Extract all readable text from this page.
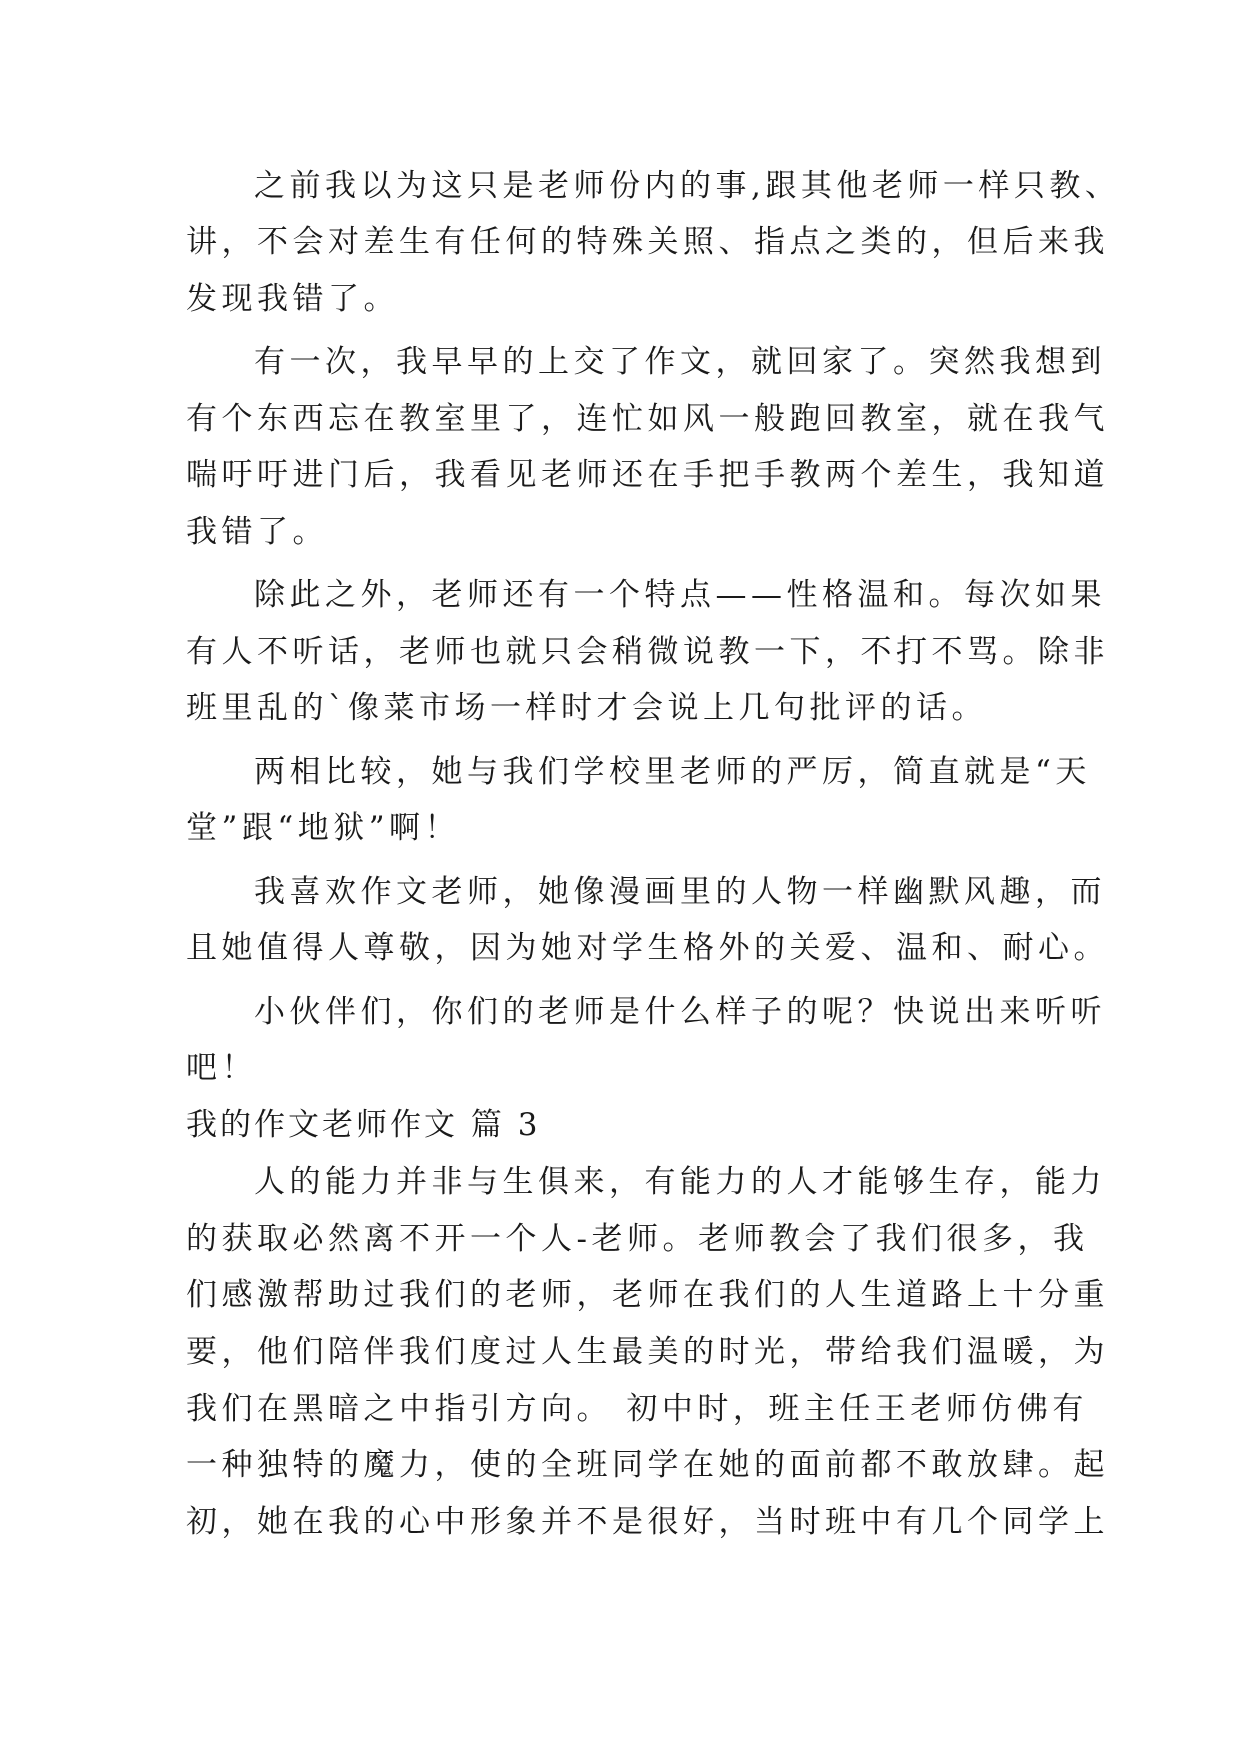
之前我以为这只是老师份内的事,跟其他老师一样只教、

讲，不会对差生有任何的特殊关照、指点之类的，但后来我

发现我错了。

有一次，我早早的上交了作文，就回家了。突然我想到

有个东西忘在教室里了，连忙如风一般跑回教室，就在我气

喘吁吁进门后，我看见老师还在手把手教两个差生，我知道

我错了。

除此之外，老师还有一个特点——性格温和。每次如果

有人不听话，老师也就只会稍微说教一下，不打不骂。除非

班里乱的`像菜市场一样时才会说上几句批评的话。

两相比较，她与我们学校里老师的严厉，简直就是“天

堂”跟“地狱”啊！

我喜欢作文老师，她像漫画里的人物一样幽默风趣，而

且她值得人尊敬，因为她对学生格外的关爱、温和、耐心。

小伙伴们，你们的老师是什么样子的呢？快说出来听听

吧！

我的作文老师作文 篇 3

人的能力并非与生俱来，有能力的人才能够生存，能力

的获取必然离不开一个人-老师。老师教会了我们很多，我

们感激帮助过我们的老师，老师在我们的人生道路上十分重

要，他们陪伴我们度过人生最美的时光，带给我们温暖，为

我们在黑暗之中指引方向。 初中时，班主任王老师仿佛有

一种独特的魔力，使的全班同学在她的面前都不敢放肆。起

初，她在我的心中形象并不是很好，当时班中有几个同学上
